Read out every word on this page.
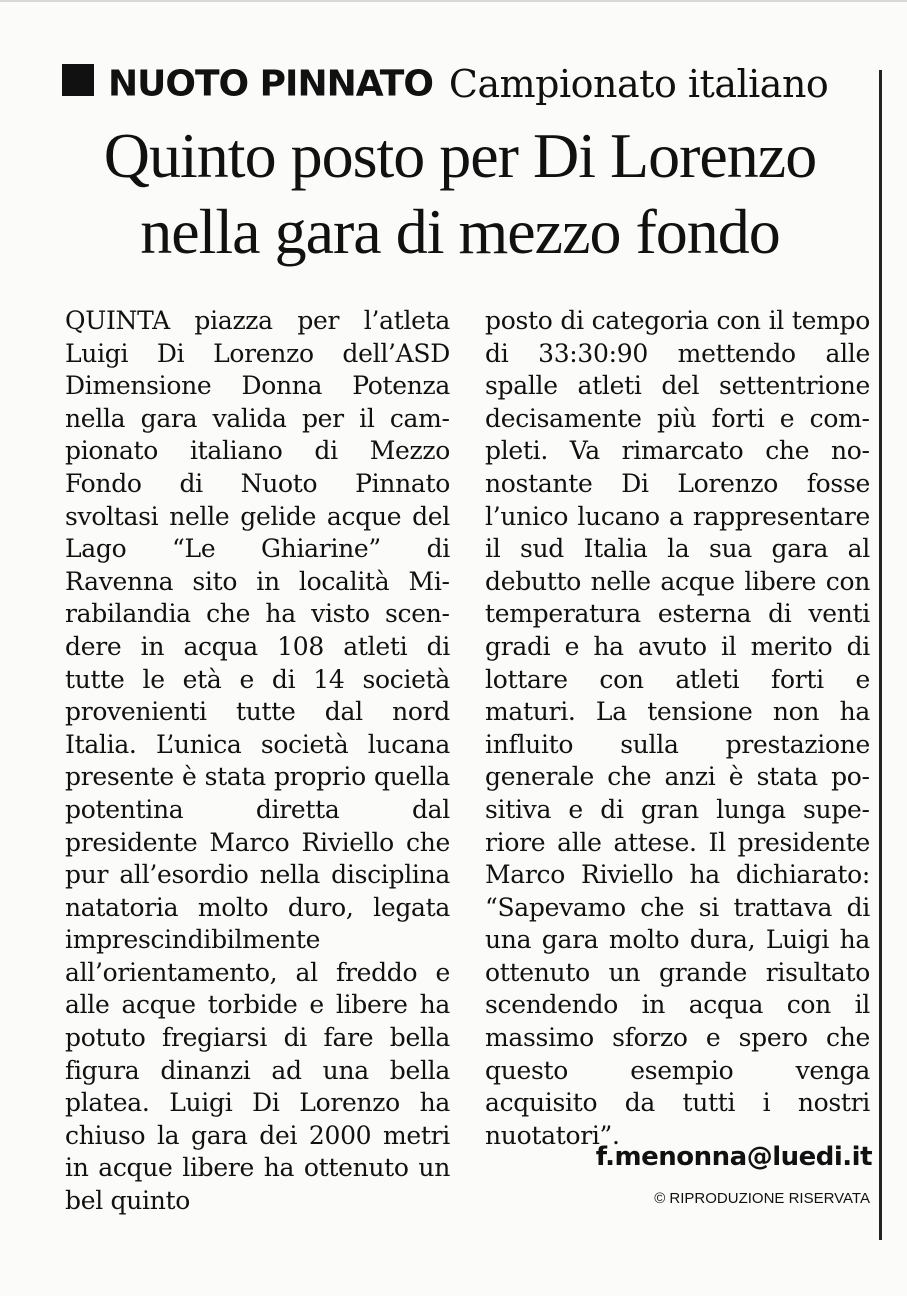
NUOTO PINNATO Campionato italiano
Quinto posto per Di Lorenzo nella gara di mezzo fondo

QUINTA piazza per l’atleta Luigi Di Lorenzo dell’ASD Dimensione Donna Potenza nella gara valida per il campionato italiano di Mezzo Fondo di Nuoto Pinnato svoltasi nelle gelide acque del Lago “Le Ghiarine” di Ravenna sito in località Mirabilandia che ha visto scendere in acqua 108 atleti di tutte le età e di 14 società provenienti tutte dal nord Italia. L’unica società lucana presente è stata proprio quella potentina diretta dal presidente Marco Riviello che pur all’esordio nella disciplina natatoria molto duro, legata imprescindibilmente all’orientamento, al freddo e alle acque torbide e libere ha potuto fregiarsi di fare bella figura dinanzi ad una bella platea. Luigi Di Lorenzo ha chiuso la gara dei 2000 metri in acque libere ha ottenuto un bel quinto

posto di categoria con il tempo di 33:30:90 mettendo alle spalle atleti del settentrione decisamente più forti e completi. Va rimarcato che nonostante Di Lorenzo fosse l’unico lucano a rappresentare il sud Italia la sua gara al debutto nelle acque libere con temperatura esterna di venti gradi e ha avuto il merito di lottare con atleti forti e maturi. La tensione non ha influito sulla prestazione generale che anzi è stata positiva e di gran lunga superiore alle attese. Il presidente Marco Riviello ha dichiarato: “Sapevamo che si trattava di una gara molto dura, Luigi ha ottenuto un grande risultato scendendo in acqua con il massimo sforzo e spero che questo esempio venga acquisito da tutti i nostri nuotatori”.

f.menonna@luedi.it
© RIPRODUZIONE RISERVATA
